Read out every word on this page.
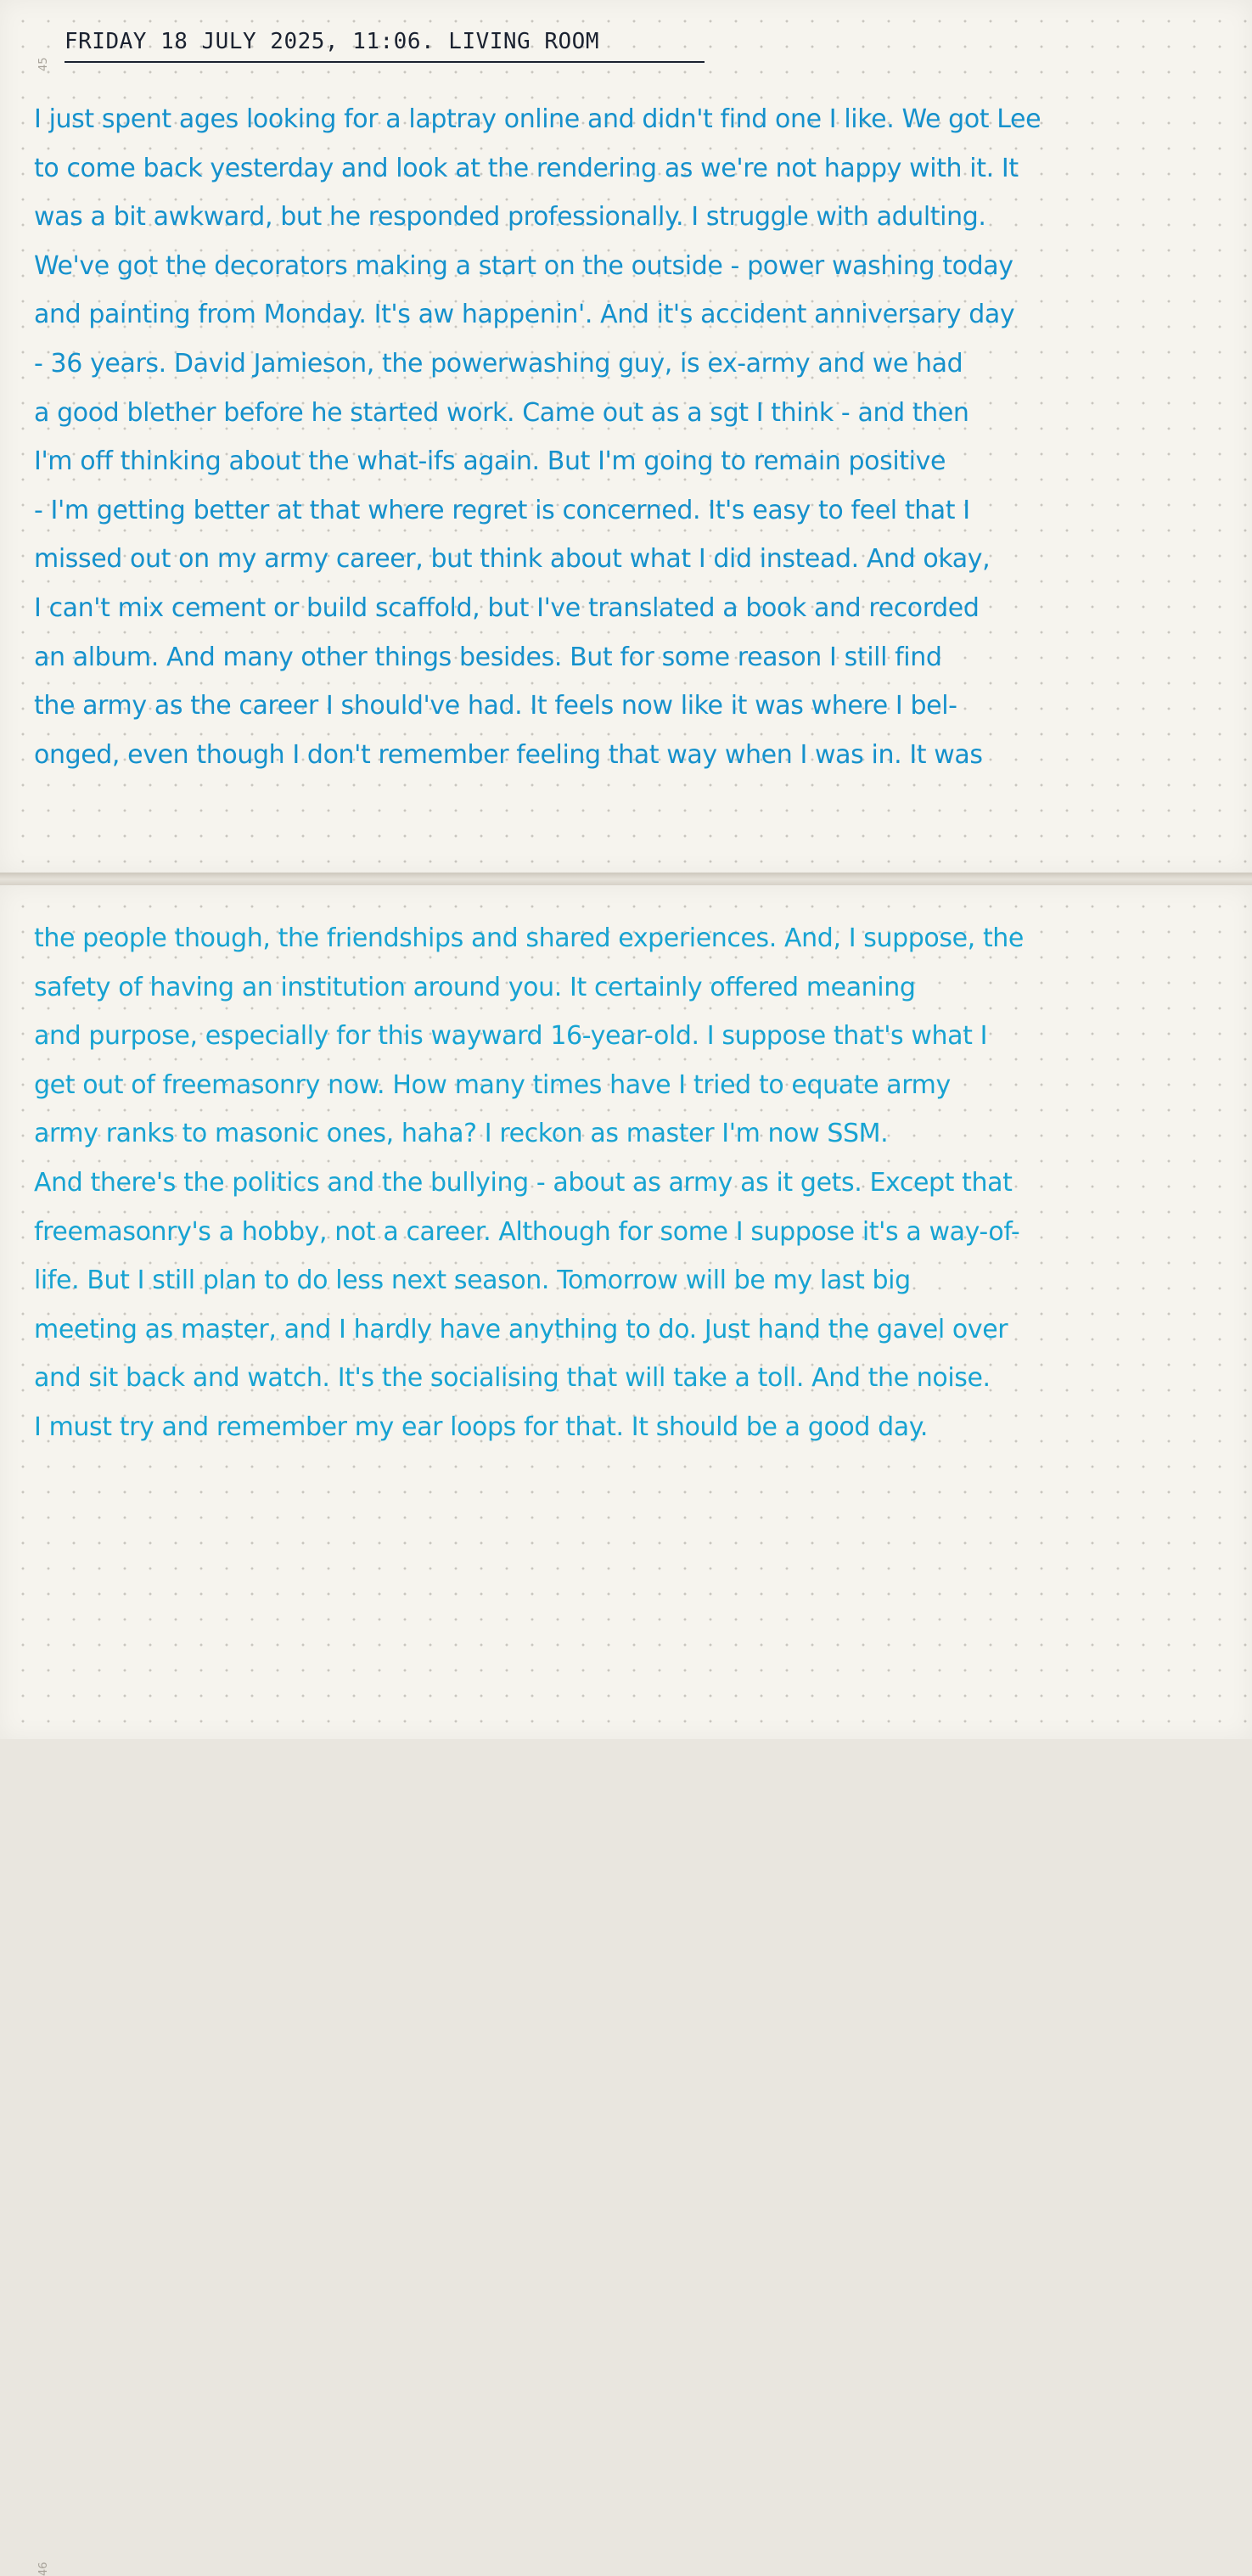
45
FRIDAY 18 JULY 2025, 11:06. LIVING ROOM
I just spent ages looking for a laptray online and didn't find one I like. We got Lee
to come back yesterday and look at the rendering as we're not happy with it. It
was a bit awkward, but he responded professionally. I struggle with adulting.
We've got the decorators making a start on the outside - power washing today
and painting from Monday. It's aw happenin'. And it's accident anniversary day
- 36 years. David Jamieson, the powerwashing guy, is ex-army and we had
a good blether before he started work. Came out as a sgt I think - and then
I'm off thinking about the what-ifs again. But I'm going to remain positive
- I'm getting better at that where regret is concerned. It's easy to feel that I
missed out on my army career, but think about what I did instead. And okay,
I can't mix cement or build scaffold, but I've translated a book and recorded
an album. And many other things besides. But for some reason I still find
the army as the career I should've had. It feels now like it was where I bel-
onged, even though I don't remember feeling that way when I was in. It was
46
the people though, the friendships and shared experiences. And, I suppose, the
safety of having an institution around you. It certainly offered meaning
and purpose, especially for this wayward 16-year-old. I suppose that's what I
get out of freemasonry now. How many times have I tried to equate army
army ranks to masonic ones, haha? I reckon as master I'm now SSM.
And there's the politics and the bullying - about as army as it gets. Except that
freemasonry's a hobby, not a career. Although for some I suppose it's a way-of-
life. But I still plan to do less next season. Tomorrow will be my last big
meeting as master, and I hardly have anything to do. Just hand the gavel over
and sit back and watch. It's the socialising that will take a toll. And the noise.
I must try and remember my ear loops for that. It should be a good day.
